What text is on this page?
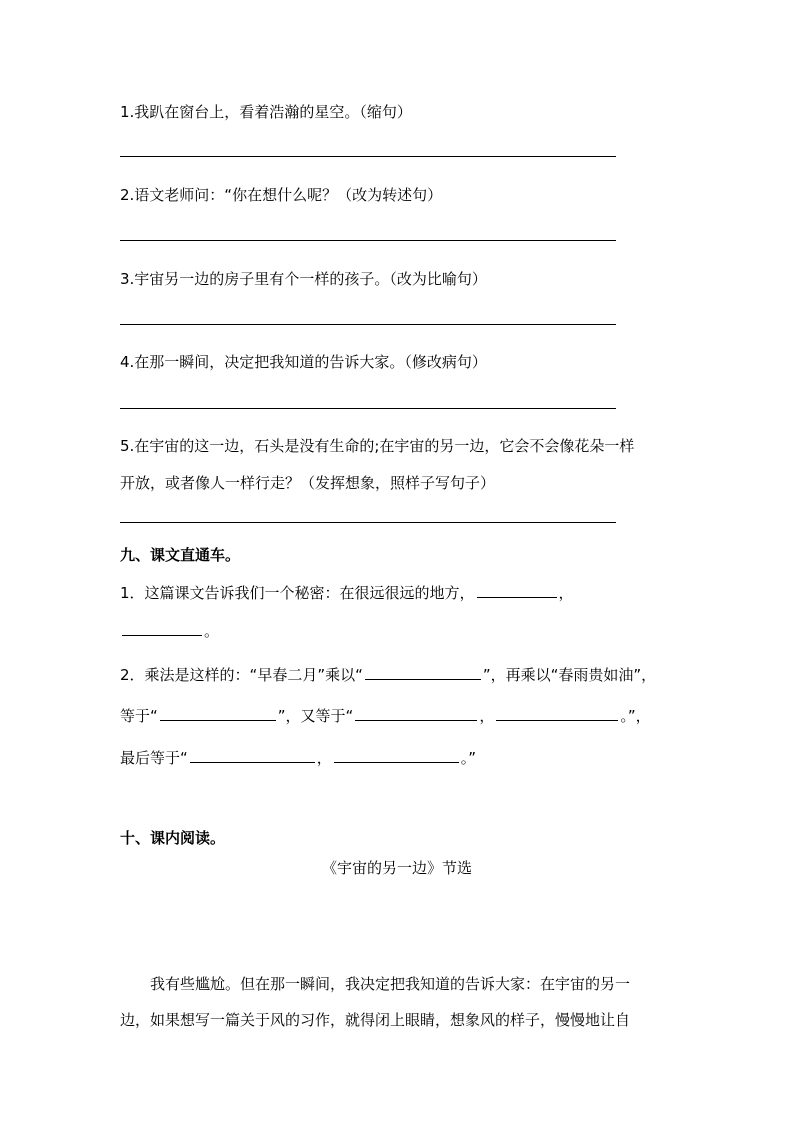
1.我趴在窗台上，看着浩瀚的星空。（缩句）
2.语文老师问：“你在想什么呢？（改为转述句）
3.宇宙另一边的房子里有个一样的孩子。（改为比喻句）
4.在那一瞬间，决定把我知道的告诉大家。（修改病句）
5.在宇宙的这一边，石头是没有生命的;在宇宙的另一边，它会不会像花朵一样
开放，或者像人一样行走？（发挥想象，照样子写句子）
九、课文直通车。
1．这篇课文告诉我们一个秘密：在很远很远的地方，	，
。
2．乘法是这样的：“早春二月”乘以“	”，再乘以“春雨贵如油”，
等于“	”，又等于“	，	。”，
最后等于“	，	。”
十、课内阅读。
《宇宙的另一边》节选
我有些尴尬。但在那一瞬间，我决定把我知道的告诉大家：在宇宙的另一
边，如果想写一篇关于风的习作，就得闭上眼睛，想象风的样子，慢慢地让自
